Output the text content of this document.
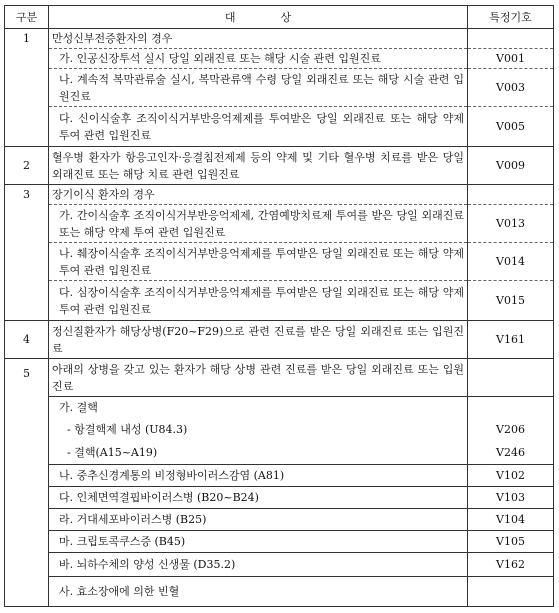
구분	대 상	특정기호
1	만성신부전증환자의 경우	
	가. 인공신장투석 실시 당일 외래진료 또는 해당 시술 관련 입원진료	V001
	나. 계속적 복막관류술 실시, 복막관류액 수령 당일 외래진료 또는 해당 시술 관련 입원진료	V003
	다. 신이식술후 조직이식거부반응억제제를 투여받은 당일 외래진료 또는 해당 약제 투여 관련 입원진료	V005
2	혈우병 환자가 항응고인자·응결침전제제 등의 약제 및 기타 혈우병 치료를 받은 당일 외래진료 또는 해당 치료 관련 입원진료	V009
3	장기이식 환자의 경우	
	가. 간이식술후 조직이식거부반응억제제, 간염예방치료제 투여를 받은 당일 외래진료 또는 해당 약제 투여 관련 입원진료	V013
	나. 췌장이식술후 조직이식거부반응억제제를 투여받은 당일 외래진료 또는 해당 약제 투여 관련 입원진료	V014
	다. 심장이식술후 조직이식거부반응억제제를 투여받은 당일 외래진료 또는 해당 약제 투여 관련 입원진료	V015
4	정신질환자가 해당상병(F20~F29)으로 관련 진료를 받은 당일 외래진료 또는 입원진료	V161
5	아래의 상병을 갖고 있는 환자가 해당 상병 관련 진료를 받은 당일 외래진료 또는 입원진료	
	가. 결핵	
	- 항결핵제 내성 (U84.3)	V206
	- 결핵(A15~A19)	V246
	나. 중추신경계통의 비정형바이러스감염 (A81)	V102
	다. 인체면역결핍바이러스병 (B20~B24)	V103
	라. 거대세포바이러스병 (B25)	V104
	마. 크립토콕쿠스증 (B45)	V105
	바. 뇌하수체의 양성 신생물 (D35.2)	V162
	사. 효소장애에 의한 빈혈	
